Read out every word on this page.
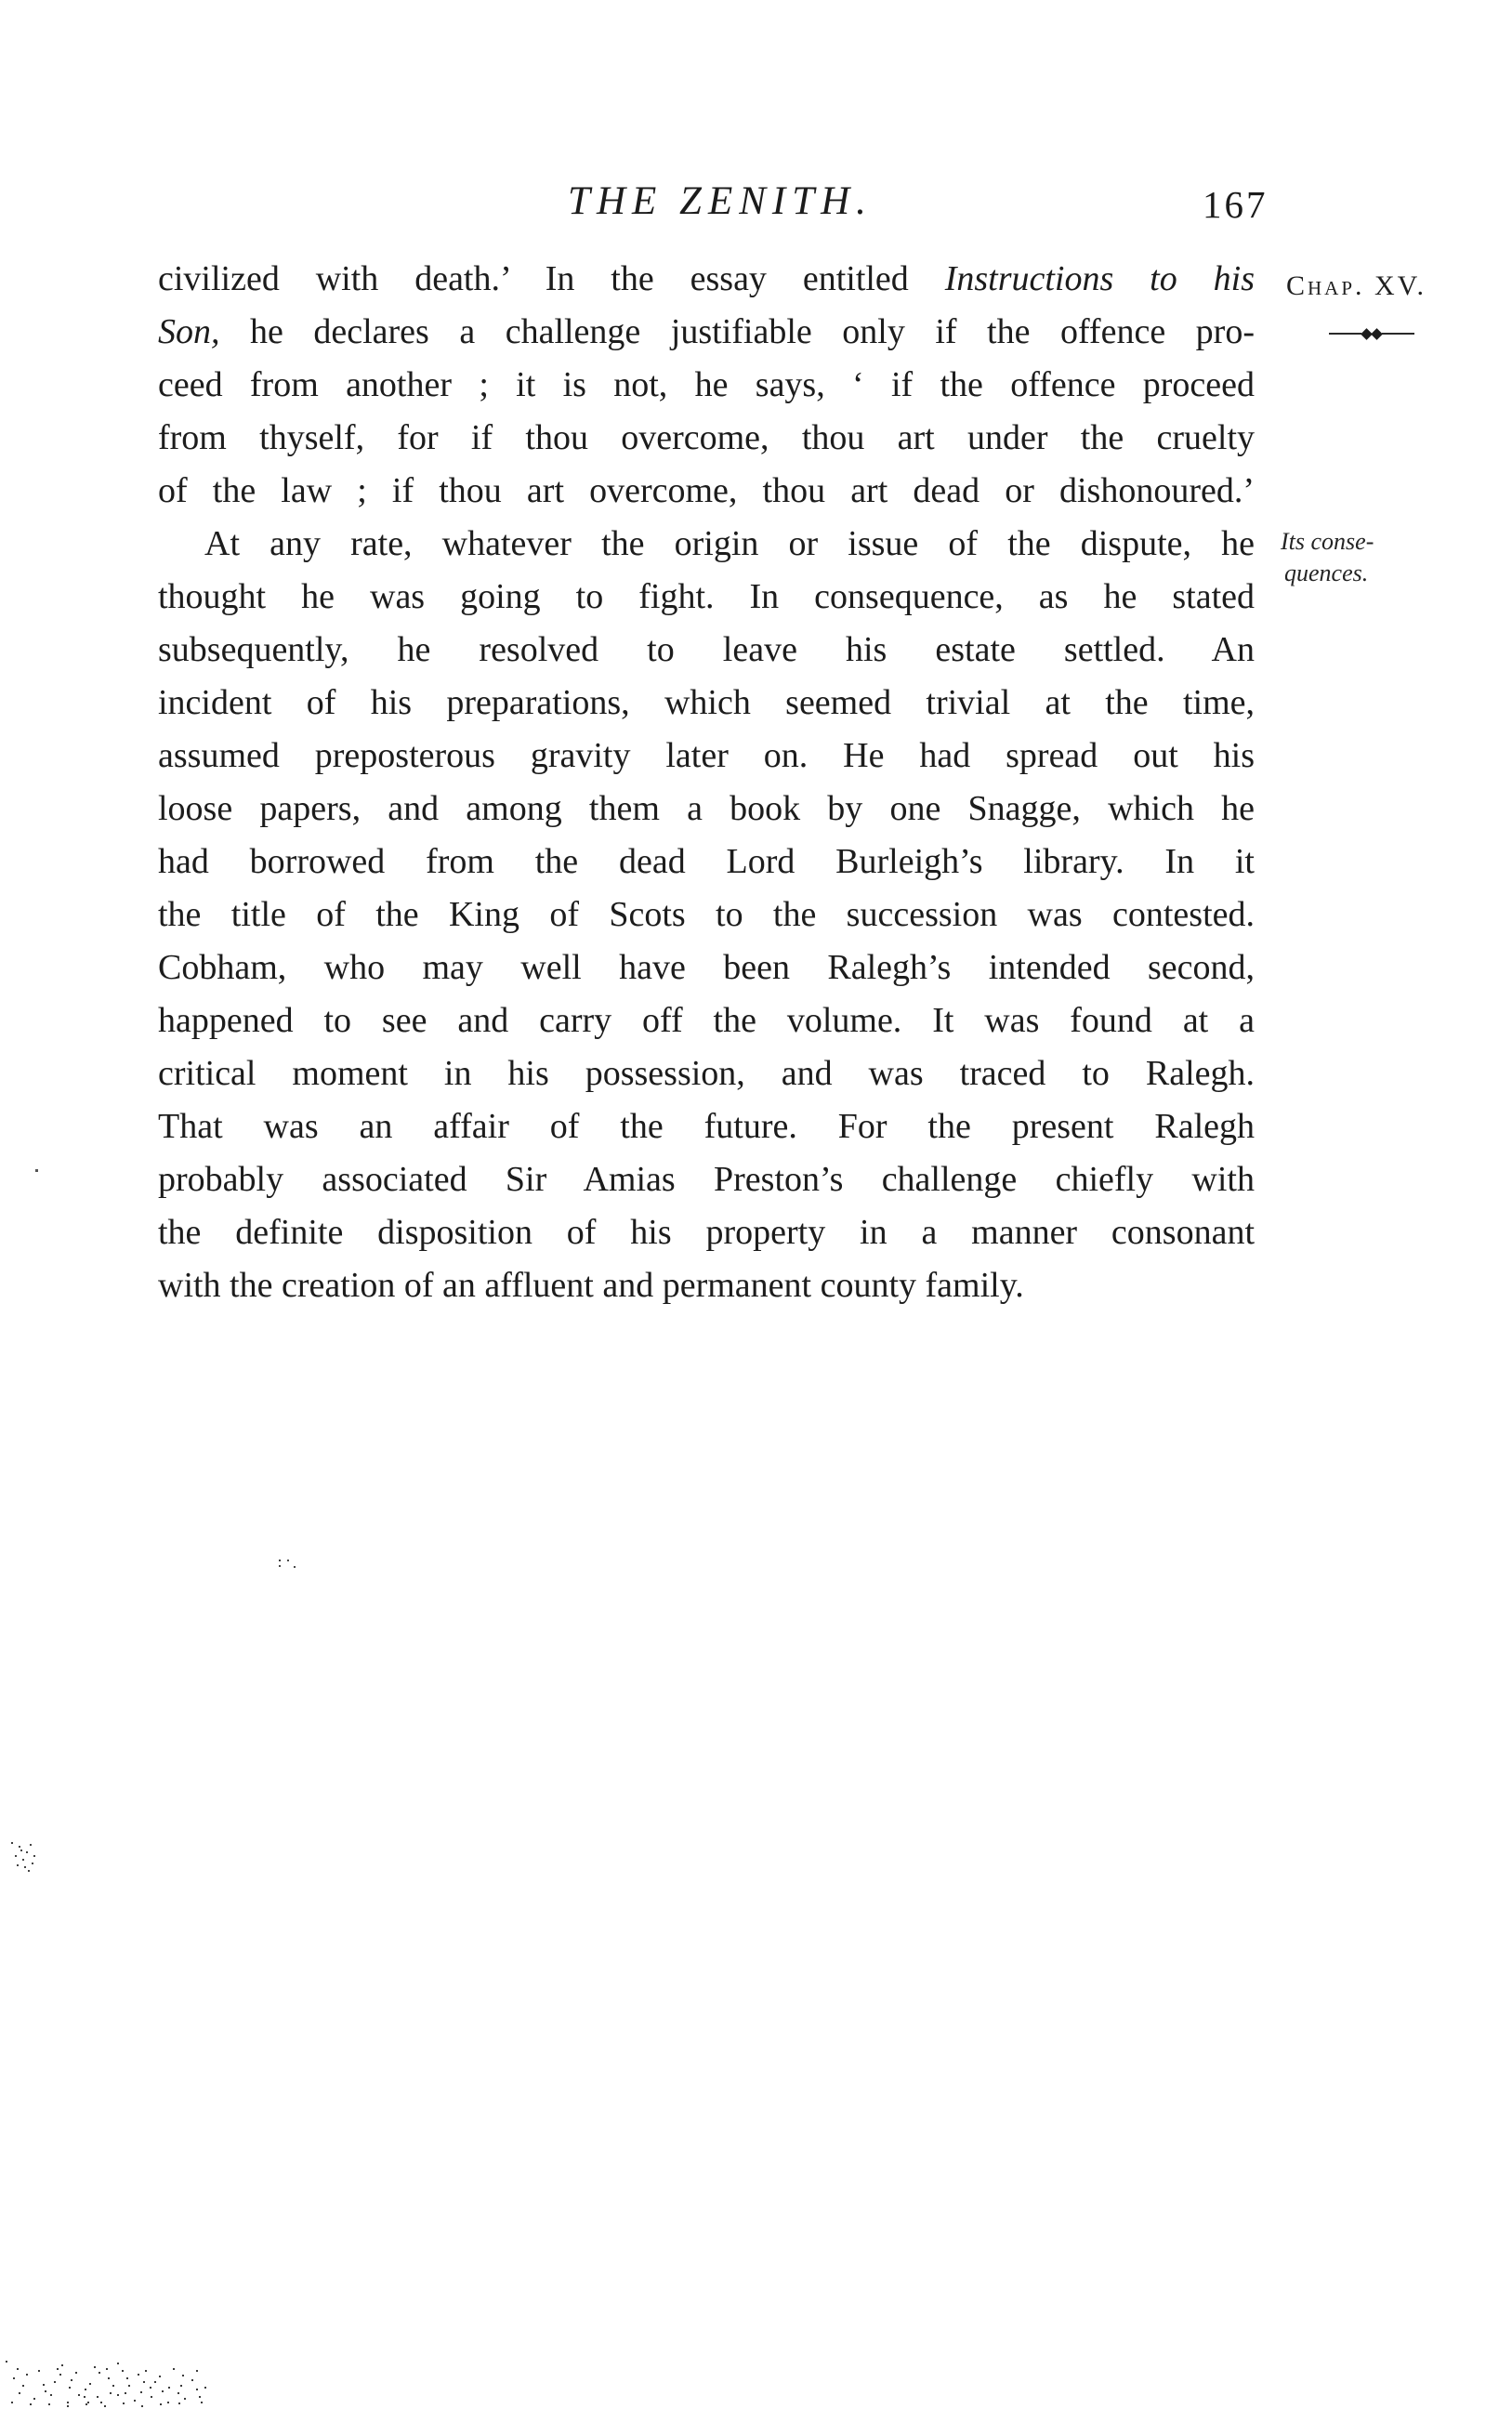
THE ZENITH.	167
civilized with death.’ In the essay entitled Instructions to his
Son, he declares a challenge justifiable only if the offence pro-
ceed from another ; it is not, he says, ‘ if the offence proceed
from thyself, for if thou overcome, thou art under the cruelty
of the law ; if thou art overcome, thou art dead or dishonoured.’
At any rate, whatever the origin or issue of the dispute, he
thought he was going to fight. In consequence, as he stated
subsequently, he resolved to leave his estate settled. An
incident of his preparations, which seemed trivial at the time,
assumed preposterous gravity later on. He had spread out his
loose papers, and among them a book by one Snagge, which he
had borrowed from the dead Lord Burleigh’s library. In it
the title of the King of Scots to the succession was contested.
Cobham, who may well have been Ralegh’s intended second,
happened to see and carry off the volume. It was found at a
critical moment in his possession, and was traced to Ralegh.
That was an affair of the future. For the present Ralegh
probably associated Sir Amias Preston’s challenge chiefly with
the definite disposition of his property in a manner consonant
with the creation of an affluent and permanent county family.
Chap. XV.
Its conse-
quences.
